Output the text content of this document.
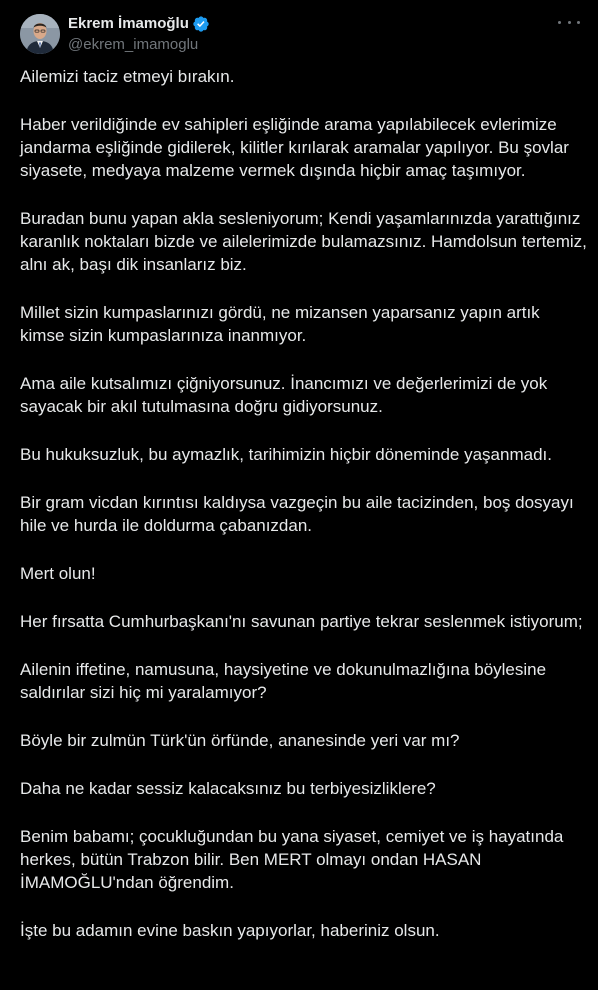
Ekrem İmamoğlu
@ekrem_imamoglu

Ailemizi taciz etmeyi bırakın.

Haber verildiğinde ev sahipleri eşliğinde arama yapılabilecek evlerimize jandarma eşliğinde gidilerek, kilitler kırılarak aramalar yapılıyor. Bu şovlar siyasete, medyaya malzeme vermek dışında hiçbir amaç taşımıyor.

Buradan bunu yapan akla sesleniyorum; Kendi yaşamlarınızda yarattığınız karanlık noktaları bizde ve ailelerimizde bulamazsınız. Hamdolsun tertemiz, alnı ak, başı dik insanlarız biz.

Millet sizin kumpaslarınızı gördü, ne mizansen yaparsanız yapın artık kimse sizin kumpaslarınıza inanmıyor.

Ama aile kutsalımızı çiğniyorsunuz. İnancımızı ve değerlerimizi de yok sayacak bir akıl tutulmasına doğru gidiyorsunuz.

Bu hukuksuzluk, bu aymazlık, tarihimizin hiçbir döneminde yaşanmadı.

Bir gram vicdan kırıntısı kaldıysa vazgeçin bu aile tacizinden, boş dosyayı hile ve hurda ile doldurma çabanızdan.

Mert olun!

Her fırsatta Cumhurbaşkanı'nı savunan partiye tekrar seslenmek istiyorum;

Ailenin iffetine, namusuna, haysiyetine ve dokunulmazlığına böylesine saldırılar sizi hiç mi yaralamıyor?

Böyle bir zulmün Türk'ün örfünde, ananesinde yeri var mı?

Daha ne kadar sessiz kalacaksınız bu terbiyesizliklere?

Benim babamı; çocukluğundan bu yana siyaset, cemiyet ve iş hayatında herkes, bütün Trabzon bilir. Ben MERT olmayı ondan HASAN İMAMOĞLU'ndan öğrendim.

İşte bu adamın evine baskın yapıyorlar, haberiniz olsun.
